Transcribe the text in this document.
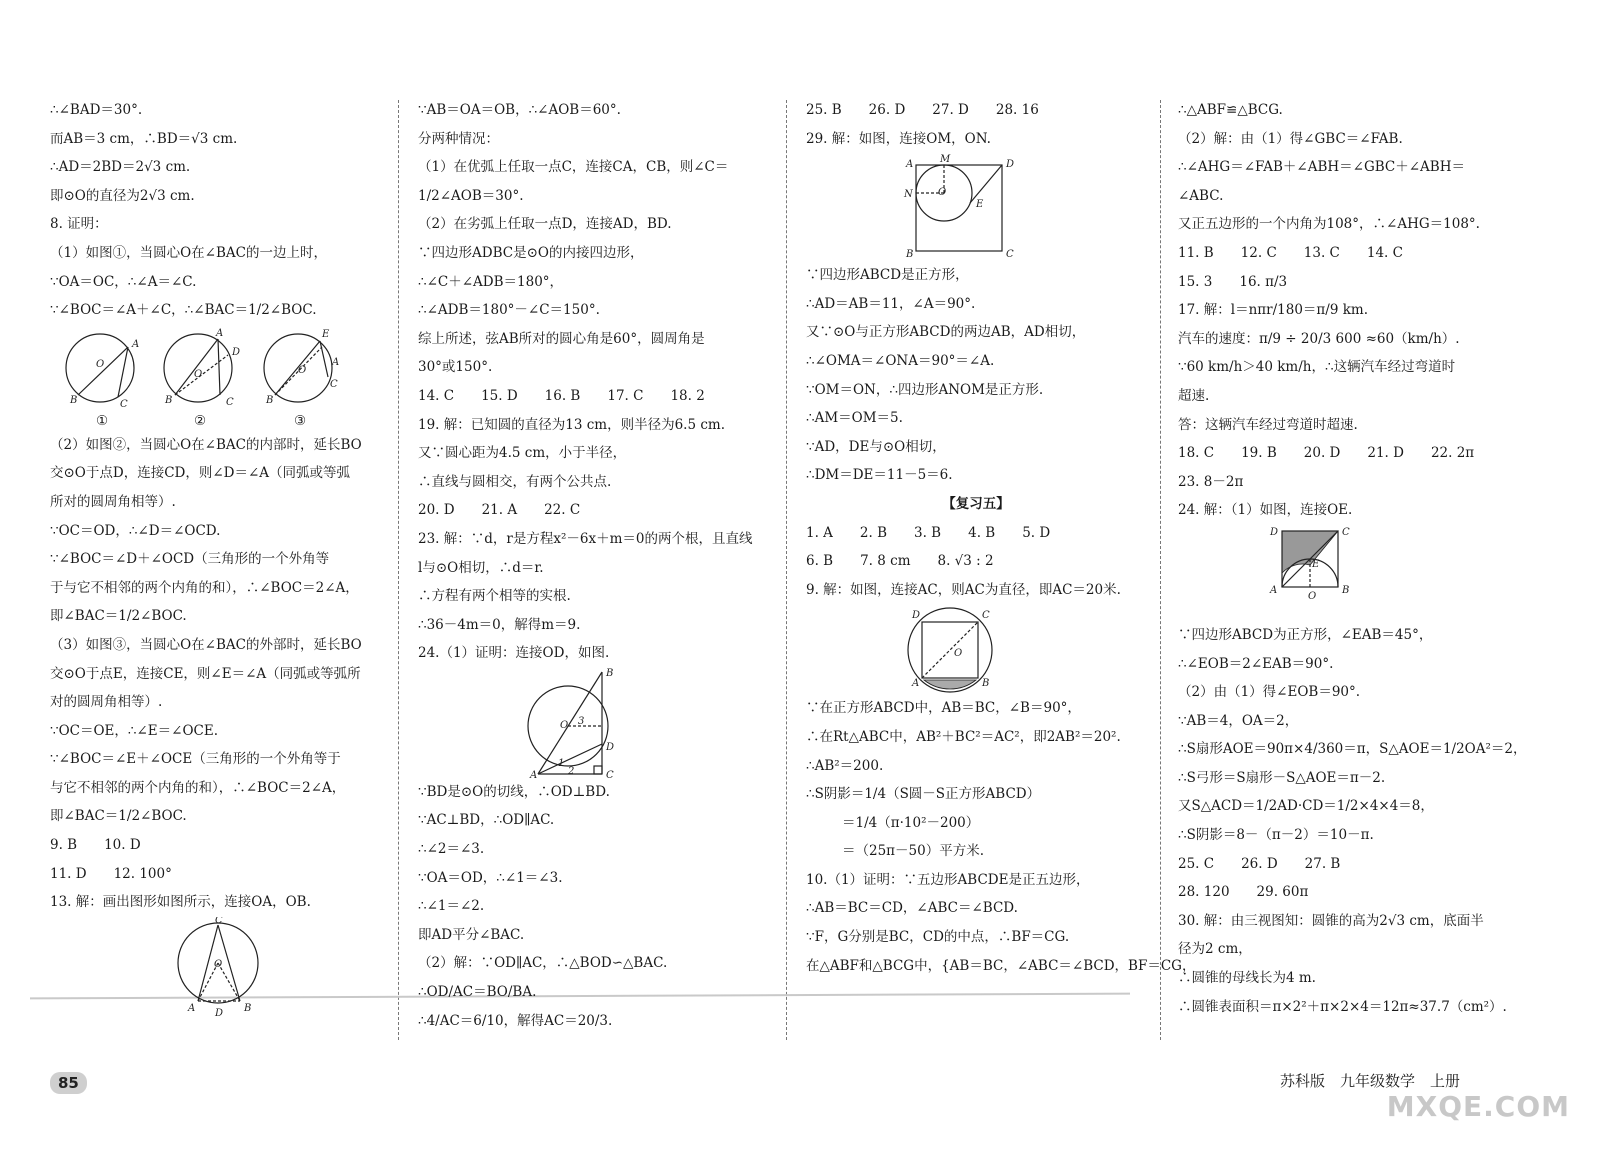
∴∠BAD＝30°.
而AB＝3 cm，∴BD＝√3 cm.
∴AD＝2BD＝2√3 cm.
即⊙O的直径为2√3 cm.
8. 证明：
（1）如图①，当圆心O在∠BAC的一边上时，
∵OA＝OC，∴∠A＝∠C.
∵∠BOC＝∠A＋∠C，∴∠BAC＝1/2∠BOC.
O
A
B	C
O
A
B	C
D
O
E
A
B
C
①	②	③
（2）如图②，当圆心O在∠BAC的内部时，延长BO
交⊙O于点D，连接CD，则∠D＝∠A（同弧或等弧
所对的圆周角相等）.
∵OC＝OD，∴∠D＝∠OCD.
∵∠BOC＝∠D＋∠OCD（三角形的一个外角等
于与它不相邻的两个内角的和），∴∠BOC＝2∠A，
即∠BAC＝1/2∠BOC.
（3）如图③，当圆心O在∠BAC的外部时，延长BO
交⊙O于点E，连接CE，则∠E＝∠A（同弧或等弧所
对的圆周角相等）.
∵OC＝OE，∴∠E＝∠OCE.
∵∠BOC＝∠E＋∠OCE（三角形的一个外角等于
与它不相邻的两个内角的和），∴∠BOC＝2∠A，
即∠BAC＝1/2∠BOC.
9. B　　10. D
11. D　　12. 100°
13. 解：画出图形如图所示，连接OA，OB.
C
O
A	B
D
∵AB＝OA＝OB，∴∠AOB＝60°.
分两种情况：
（1）在优弧上任取一点C，连接CA，CB，则∠C＝
1/2∠AOB＝30°.
（2）在劣弧上任取一点D，连接AD，BD.
∵四边形ADBC是⊙O的内接四边形，
∴∠C＋∠ADB＝180°，
∴∠ADB＝180°－∠C＝150°.
综上所述，弦AB所对的圆心角是60°，圆周角是
30°或150°.
14. C　　15. D　　16. B　　17. C　　18. 2
19. 解：已知圆的直径为13 cm，则半径为6.5 cm.
又∵圆心距为4.5 cm，小于半径，
∴直线与圆相交，有两个公共点.
20. D　　21. A　　22. C
23. 解：∵d，r是方程x²－6x＋m＝0的两个根，且直线
l与⊙O相切，∴d＝r.
∴方程有两个相等的实根.
∴36－4m＝0，解得m＝9.
24.（1）证明：连接OD，如图.
B
D
C
A
O 3
1
2
∵BD是⊙O的切线，∴OD⊥BD.
∵AC⊥BD，∴OD∥AC.
∴∠2＝∠3.
∵OA＝OD，∴∠1＝∠3.
∴∠1＝∠2.
即AD平分∠BAC.
（2）解：∵OD∥AC，∴△BOD∽△BAC.
∴OD/AC＝BO/BA.
∴4/AC＝6/10，解得AC＝20/3.
25. B　　26. D　　27. D　　28. 16
29. 解：如图，连接OM，ON.
M
A	D
N	O
E
B	C
∵四边形ABCD是正方形，
∴AD＝AB＝11，∠A＝90°.
又∵⊙O与正方形ABCD的两边AB，AD相切，
∴∠OMA＝∠ONA＝90°＝∠A.
∵OM＝ON，∴四边形ANOM是正方形.
∴AM＝OM＝5.
∵AD，DE与⊙O相切，
∴DM＝DE＝11－5＝6.
【复习五】
1. A　　2. B　　3. B　　4. B　　5. D
6. B　　7. 8 cm　　8. √3 : 2
9. 解：如图，连接AC，则AC为直径，即AC＝20米.
D	C
A	B
O
∵在正方形ABCD中，AB＝BC，∠B＝90°，
∴在Rt△ABC中，AB²＋BC²＝AC²，即2AB²＝20².
∴AB²＝200.
∴S阴影＝1/4（S圆－S正方形ABCD）
＝1/4（π·10²－200）
＝（25π－50）平方米.
10.（1）证明：∵五边形ABCDE是正五边形，
∴AB＝BC＝CD，∠ABC＝∠BCD.
∵F，G分别是BC，CD的中点，∴BF＝CG.
在△ABF和△BCG中，{AB＝BC，∠ABC＝∠BCD，BF＝CG，
∴△ABF≌△BCG.
（2）解：由（1）得∠GBC＝∠FAB.
∴∠AHG＝∠FAB＋∠ABH＝∠GBC＋∠ABH＝
∠ABC.
又正五边形的一个内角为108°，∴∠AHG＝108°.
11. B　　12. C　　13. C　　14. C
15. 3　　16. π/3
17. 解：l＝nπr/180＝π/9 km.
汽车的速度：π/9 ÷ 20/3 600 ≈60（km/h）.
∵60 km/h＞40 km/h，∴这辆汽车经过弯道时
超速.
答：这辆汽车经过弯道时超速.
18. C　　19. B　　20. D　　21. D　　22. 2π
23. 8－2π
24. 解：（1）如图，连接OE.
D	C
A	B
O
E
∵四边形ABCD为正方形，∠EAB＝45°，
∴∠EOB＝2∠EAB＝90°.
（2）由（1）得∠EOB＝90°.
∵AB＝4，OA＝2，
∴S扇形AOE＝90π×4/360＝π，S△AOE＝1/2OA²＝2，
∴S弓形＝S扇形－S△AOE＝π－2.
又S△ACD＝1/2AD·CD＝1/2×4×4＝8，
∴S阴影＝8－（π－2）＝10－π.
25. C　　26. D　　27. B
28. 120　　29. 60π
30. 解：由三视图知：圆锥的高为2√3 cm，底面半
径为2 cm，
∴圆锥的母线长为4 m.
∴圆锥表面积＝π×2²＋π×2×4＝12π≈37.7（cm²）.
85	苏科版　九年级数学　上册
MXQE.COM
